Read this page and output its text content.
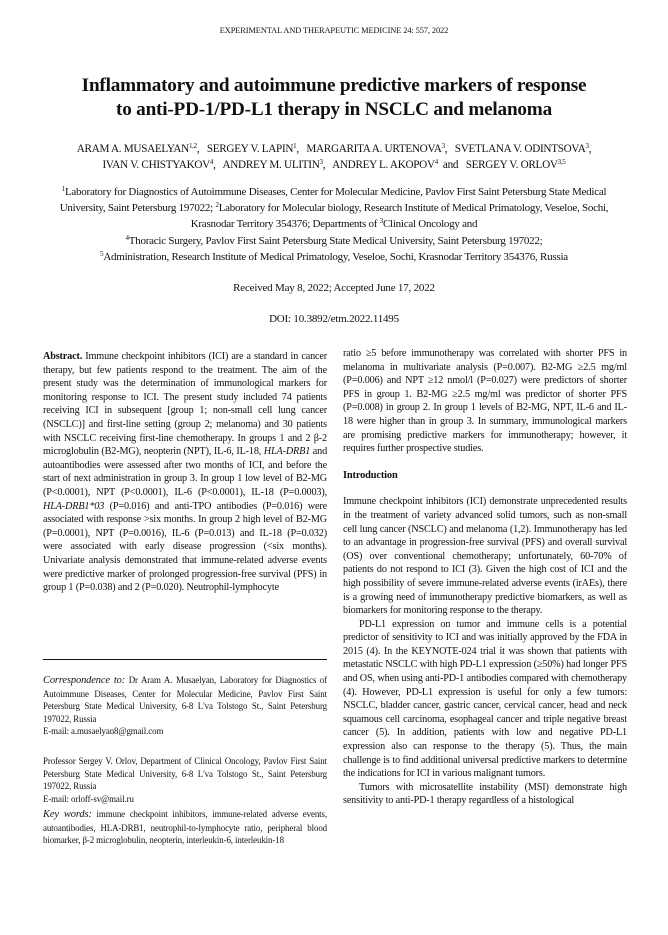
EXPERIMENTAL AND THERAPEUTIC MEDICINE 24: 557, 2022
Inflammatory and autoimmune predictive markers of response
to anti-PD-1/PD-L1 therapy in NSCLC and melanoma
ARAM A. MUSAELYAN$^{1,2}$,   SERGEY V. LAPIN$^1$,   MARGARITA A. URTENOVA$^3$,   SVETLANA V. ODINTSOVA$^3$,
IVAN V. CHISTYAKOV$^4$,   ANDREY M. ULITIN$^3$,   ANDREY L. AKOPOV$^4$  and   SERGEY V. ORLOV$^{3,5}$
$^1$Laboratory for Diagnostics of Autoimmune Diseases, Center for Molecular Medicine, Pavlov First Saint Petersburg State Medical University, Saint Petersburg 197022; $^2$Laboratory for Molecular biology, Research Institute of Medical Primatology, Veseloe, Sochi, Krasnodar Territory 354376; Departments of $^3$Clinical Oncology and
$^4$Thoracic Surgery, Pavlov First Saint Petersburg State Medical University, Saint Petersburg 197022;
$^5$Administration, Research Institute of Medical Primatology, Veseloe, Sochi, Krasnodar Territory 354376, Russia
Received May 8, 2022; Accepted June 17, 2022
DOI: 10.3892/etm.2022.11495

Abstract. Immune checkpoint inhibitors (ICI) are a standard in cancer therapy, but few patients respond to the treatment. The aim of the present study was the determination of immunological markers for monitoring response to ICI. The present study included 74 patients receiving ICI in subsequent [group 1; non-small cell lung cancer (NSCLC)] and first-line setting (group 2; melanoma) and 30 patients with NSCLC receiving first-line chemotherapy. In groups 1 and 2 β-2 microglobulin (B2-MG), neopterin (NPT), IL-6, IL-18, HLA-DRB1 and autoantibodies were assessed after two months of ICI, and before the start of next administration in group 3. In group 1 low level of B2-MG (P<0.0001), NPT (P<0.0001), IL-6 (P<0.0001), IL-18 (P=0.0003), HLA-DRB1*03 (P=0.016) and anti-TPO antibodies (P=0.016) were associated with response >six months. In group 2 high level of B2-MG (P=0.0001), NPT (P=0.0016), IL-6 (P=0.013) and IL-18 (P=0.032) were associated with early disease progression (<six months). Univariate analysis demonstrated that immune-related adverse events were predictive marker of prolonged progression-free survival (PFS) in group 1 (P=0.038) and 2 (P=0.020). Neutrophil-lymphocyte

Correspondence to: Dr Aram A. Musaelyan, Laboratory for Diagnostics of Autoimmune Diseases, Center for Molecular Medicine, Pavlov First Saint Petersburg State Medical University, 6-8 L'va Tolstogo St., Saint Petersburg 197022, Russia

E-mail: a.musaelyan8@gmail.com

Professor Sergey V. Orlov, Department of Clinical Oncology, Pavlov First Saint Petersburg State Medical University, 6-8 L'va Tolstogo St., Saint Petersburg 197022, Russia

E-mail: orloff-sv@mail.ru

Key words: immune checkpoint inhibitors, immune-related adverse events, autoantibodies, HLA-DRB1, neutrophil-to-lymphocyte ratio, peripheral blood biomarker, β-2 microglobulin, neopterin, interleukin-6, interleukin-18

ratio ≥5 before immunotherapy was correlated with shorter PFS in melanoma in multivariate analysis (P=0.007). B2-MG ≥2.5 mg/ml (P=0.006) and NPT ≥12 nmol/l (P=0.027) were predictors of shorter PFS in group 1. B2-MG ≥2.5 mg/ml was predictor of shorter PFS (P=0.008) in group 2. In group 1 levels of B2-MG, NPT, IL-6 and IL-18 were higher than in group 3. In summary, immunological markers are promising predictive markers for immunotherapy; however, it requires further prospective studies.

Introduction

Immune checkpoint inhibitors (ICI) demonstrate unprecedented results in the treatment of variety advanced solid tumors, such as non-small cell lung cancer (NSCLC) and melanoma (1,2). Immunotherapy has led to an advantage in progression-free survival (PFS) and overall survival (OS) over conventional chemotherapy; unfortunately, 60-70% of patients do not respond to ICI (3). Given the high cost of ICI and the high possibility of severe immune-related adverse events (irAEs), there is a growing need of immunotherapy predictive biomarkers, as well as biomarkers for monitoring response to the therapy.

PD-L1 expression on tumor and immune cells is a potential predictor of sensitivity to ICI and was initially approved by the FDA in 2015 (4). In the KEYNOTE-024 trial it was shown that patients with metastatic NSCLC with high PD-L1 expression (≥50%) had longer PFS and OS, when using anti-PD-1 antibodies compared with chemotherapy (4). However, PD-L1 expression is useful for only a few tumors: NSCLC, bladder cancer, gastric cancer, cervical cancer, head and neck squamous cell carcinoma, esophageal cancer and triple negative breast cancer (5). In addition, patients with low and negative PD-L1 expression also can response to the therapy (5). Thus, the main challenge is to find additional universal predictive markers to determine the indications for ICI in various malignant tumors.

Tumors with microsatellite instability (MSI) demonstrate high sensitivity to anti-PD-1 therapy regardless of a histological
